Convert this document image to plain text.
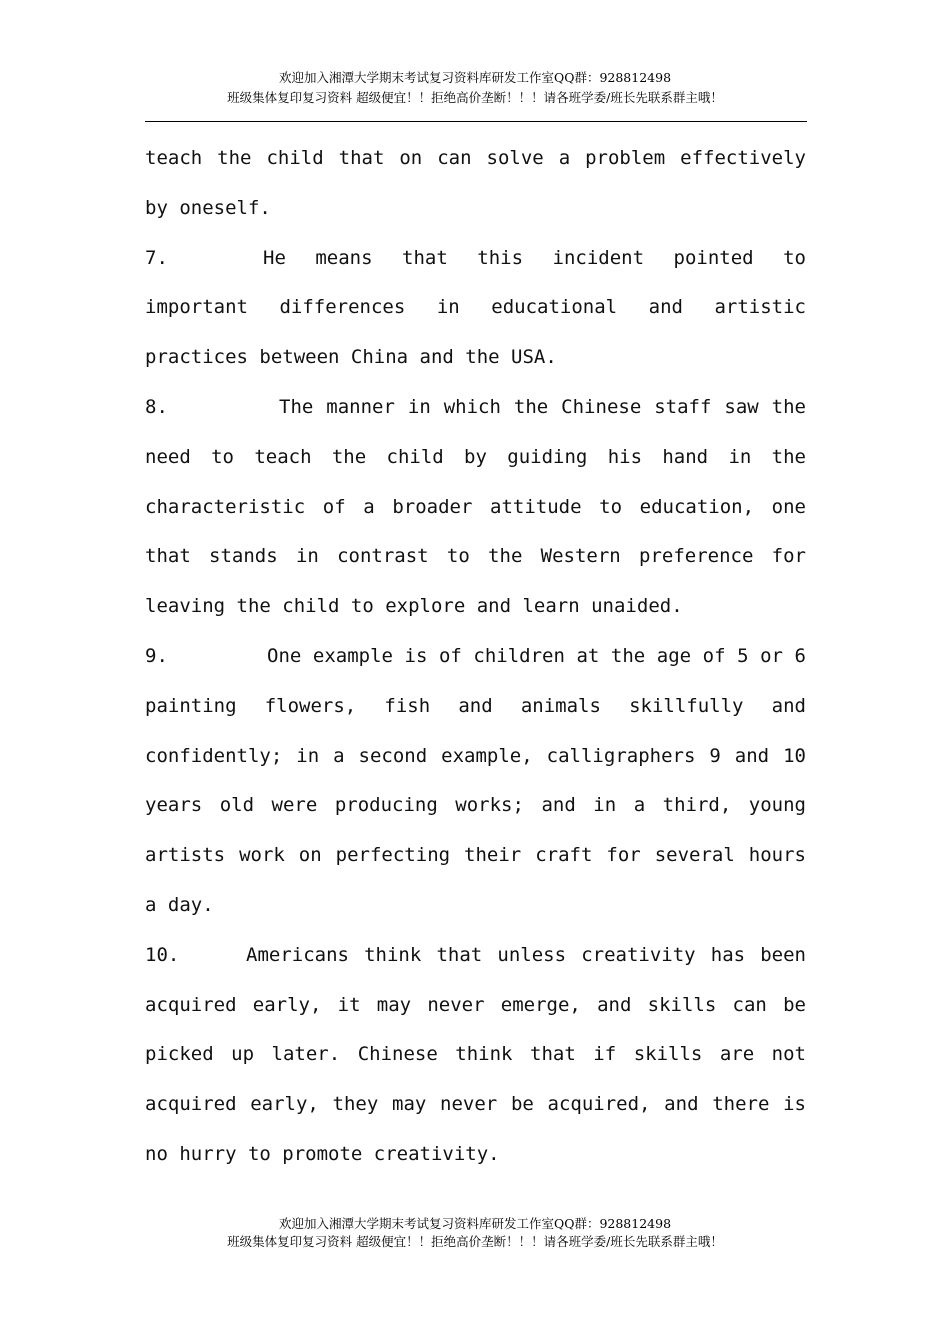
欢迎加入湘潭大学期末考试复习资料库研发工作室QQ群：928812498
班级集体复印复习资料 超级便宜！！拒绝高价垄断！！！请各班学委/班长先联系群主哦！

teach the child that on can solve a problem effectively by oneself.

7.	He means that this incident pointed to important differences in educational and artistic practices between China and the USA.

8.	The manner in which the Chinese staff saw the need to teach the child by guiding his hand in the characteristic of a broader attitude to education, one that stands in contrast to the Western preference for leaving the child to explore and learn unaided.

9.	One example is of children at the age of 5 or 6 painting flowers, fish and animals skillfully and confidently; in a second example, calligraphers 9 and 10 years old were producing works; and in a third, young artists work on perfecting their craft for several hours a day.

10.	Americans think that unless creativity has been acquired early, it may never emerge, and skills can be picked up later. Chinese think that if skills are not acquired early, they may never be acquired, and there is no hurry to promote creativity.

欢迎加入湘潭大学期末考试复习资料库研发工作室QQ群：928812498
班级集体复印复习资料 超级便宜！！拒绝高价垄断！！！请各班学委/班长先联系群主哦！
